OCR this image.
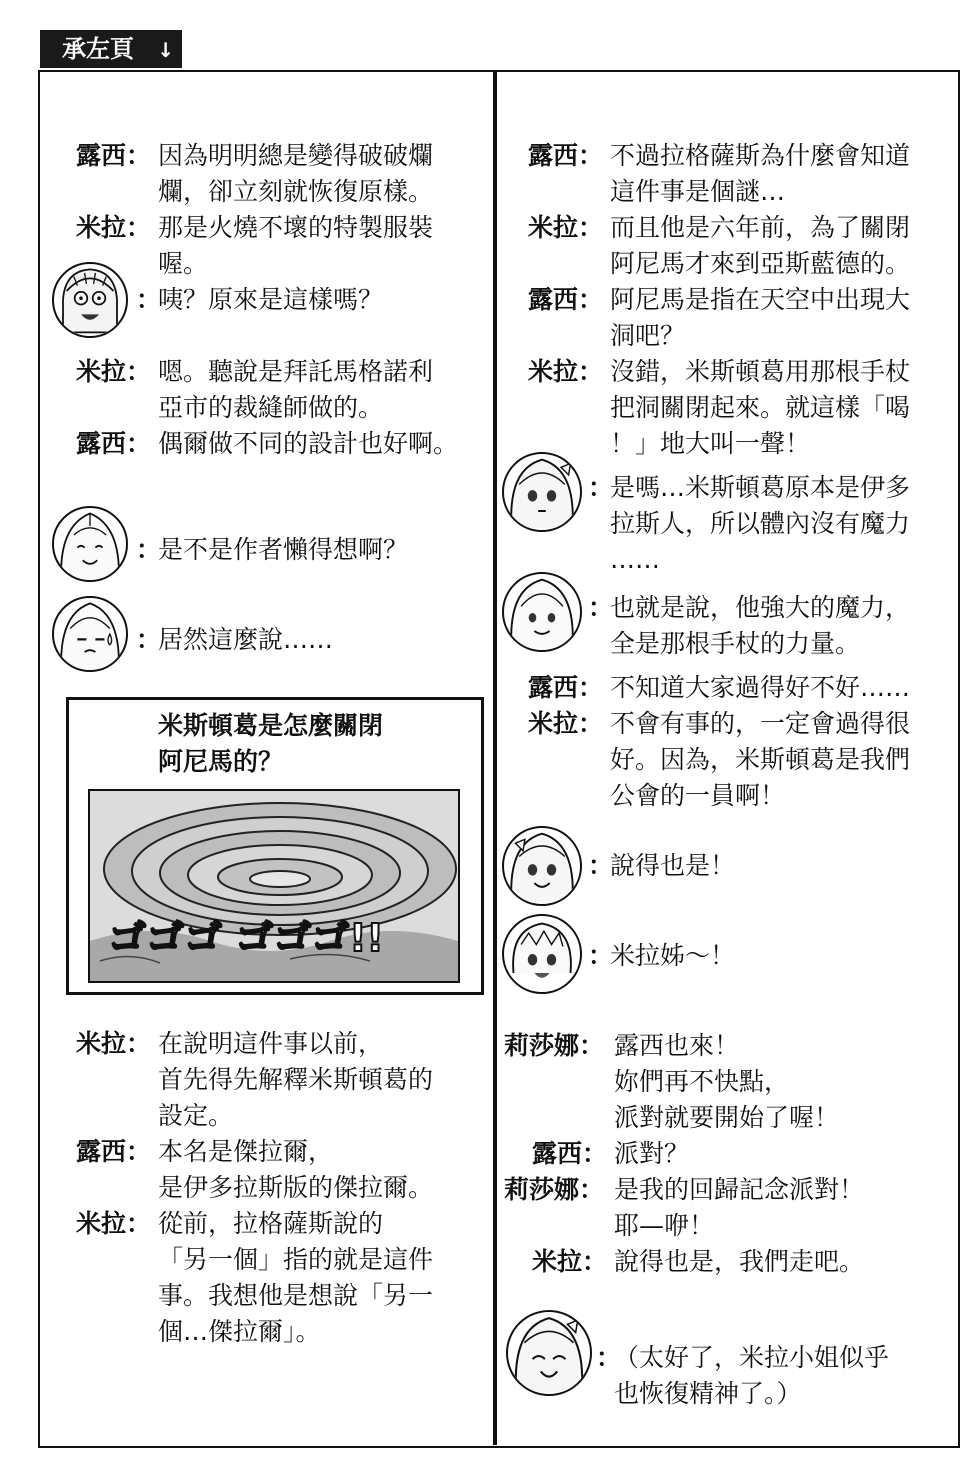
承左頁 ↓
露西： 因為明明總是變得破破爛
爛，卻立刻就恢復原樣。
米拉： 那是火燒不壞的特製服裝
喔。
：
咦？原來是這樣嗎？
米拉： 嗯。聽說是拜託馬格諾利
亞市的裁縫師做的。
露西： 偶爾做不同的設計也好啊。
：
是不是作者懶得想啊？
：
居然這麼說……
米斯頓葛是怎麼關閉
阿尼馬的？
ゴゴゴ ゴゴゴ!!
米拉： 在說明這件事以前，
首先得先解釋米斯頓葛的
設定。
露西： 本名是傑拉爾，
是伊多拉斯版的傑拉爾。
米拉： 從前，拉格薩斯說的
「另一個」指的就是這件
事。我想他是想說「另一
個…傑拉爾」。
露西： 不過拉格薩斯為什麼會知道
這件事是個謎…
米拉： 而且他是六年前，為了關閉
阿尼馬才來到亞斯藍德的。
露西： 阿尼馬是指在天空中出現大
洞吧？
米拉： 沒錯，米斯頓葛用那根手杖
把洞關閉起來。就這樣「喝
！」地大叫一聲！
：
是嗎…米斯頓葛原本是伊多
拉斯人，所以體內沒有魔力
……
：
也就是說，他強大的魔力，
全是那根手杖的力量。
露西： 不知道大家過得好不好……
米拉： 不會有事的，一定會過得很
好。因為，米斯頓葛是我們
公會的一員啊！
：
說得也是！
：
米拉姊～！
莉莎娜： 露西也來！
妳們再不快點，
派對就要開始了喔！
露西： 派對？
莉莎娜： 是我的回歸記念派對！
耶—咿！
米拉： 說得也是，我們走吧。
：
（太好了，米拉小姐似乎
也恢復精神了。）
